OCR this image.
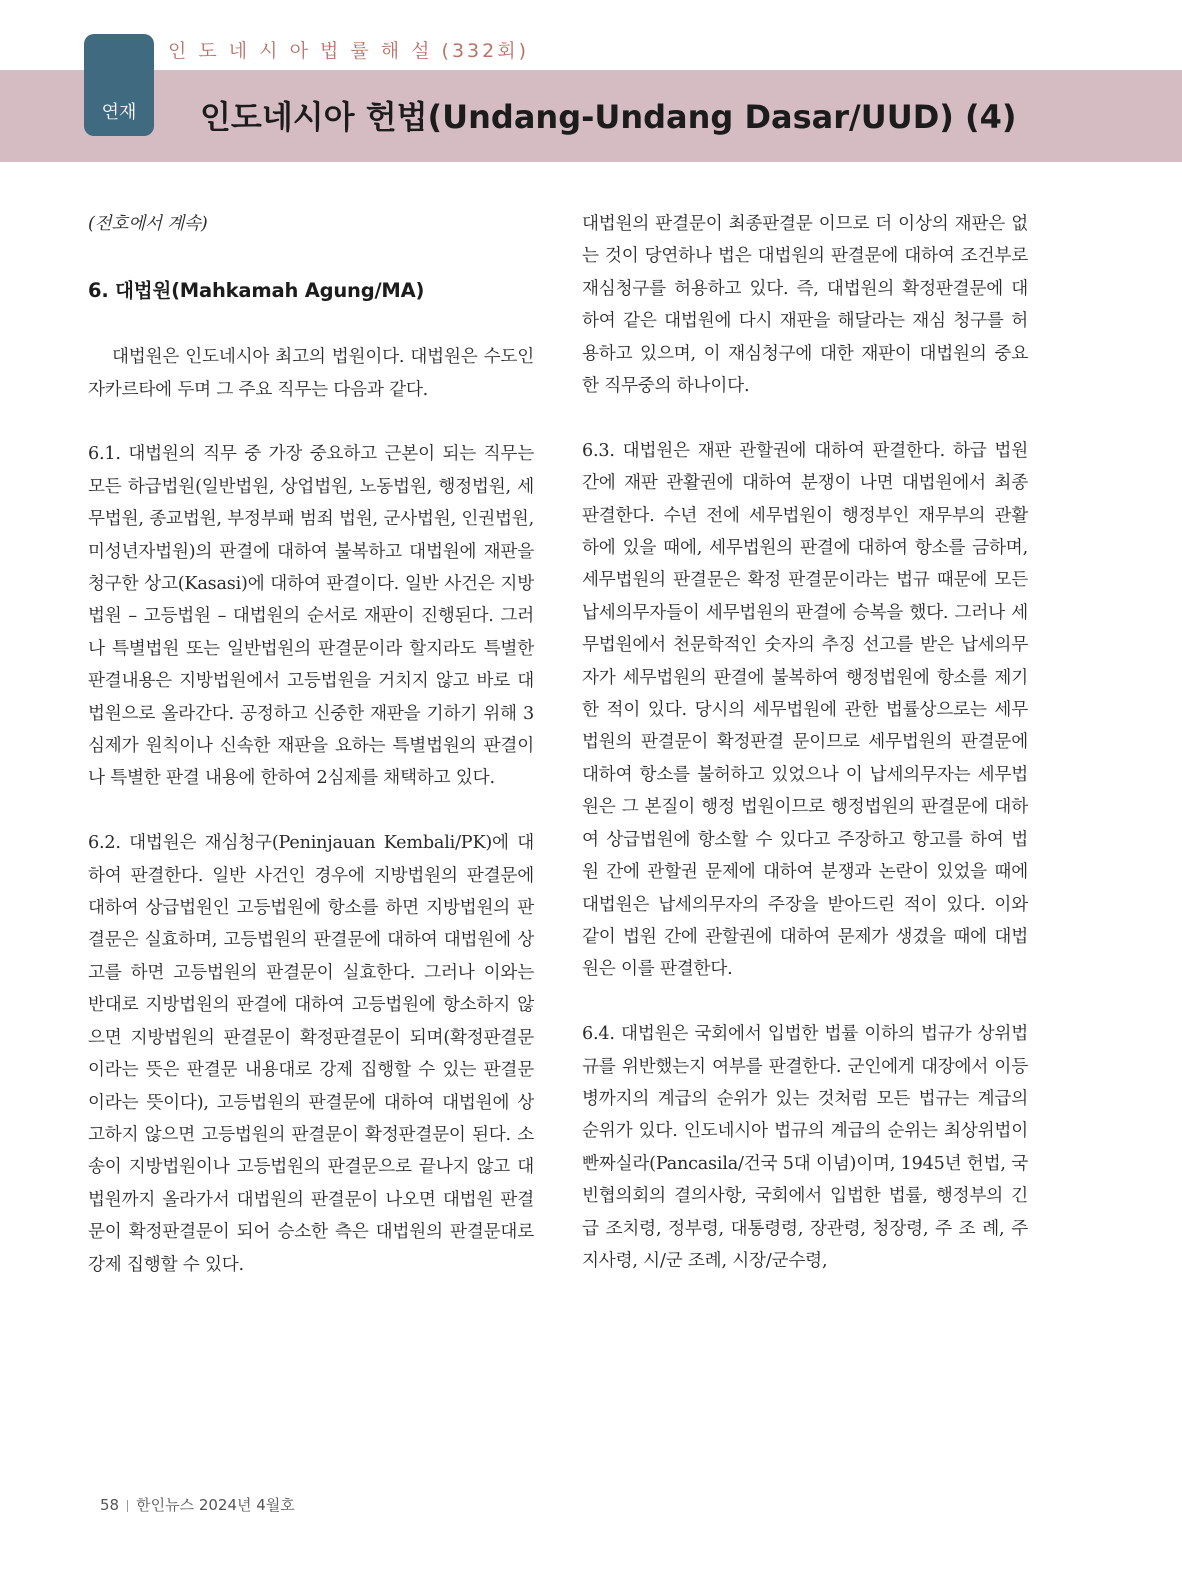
연재
인 도 네 시 아 법 률 해 설 (332회)
인도네시아 헌법(Undang-Undang Dasar/UUD) (4)

(전호에서 계속)

6. 대법원(Mahkamah Agung/MA)

대법원은 인도네시아 최고의 법원이다. 대법원은 수도인 자카르타에 두며 그 주요 직무는 다음과 같다.

6.1. 대법원의 직무 중 가장 중요하고 근본이 되는 직무는 모든 하급법원(일반법원, 상업법원, 노동법원, 행정법원, 세무법원, 종교법원, 부정부패 범죄 법원, 군사법원, 인권법원, 미성년자법원)의 판결에 대하여 불복하고 대법원에 재판을 청구한 상고(Kasasi)에 대하여 판결이다. 일반 사건은 지방법원 – 고등법원 – 대법원의 순서로 재판이 진행된다. 그러나 특별법원 또는 일반법원의 판결문이라 할지라도 특별한 판결내용은 지방법원에서 고등법원을 거치지 않고 바로 대법원으로 올라간다. 공정하고 신중한 재판을 기하기 위해 3심제가 원칙이나 신속한 재판을 요하는 특별법원의 판결이나 특별한 판결 내용에 한하여 2심제를 채택하고 있다.

6.2. 대법원은 재심청구(Peninjauan Kembali/PK)에 대하여 판결한다. 일반 사건인 경우에 지방법원의 판결문에 대하여 상급법원인 고등법원에 항소를 하면 지방법원의 판결문은 실효하며, 고등법원의 판결문에 대하여 대법원에 상고를 하면 고등법원의 판결문이 실효한다. 그러나 이와는 반대로 지방법원의 판결에 대하여 고등법원에 항소하지 않으면 지방법원의 판결문이 확정판결문이 되며(확정판결문이라는 뜻은 판결문 내용대로 강제 집행할 수 있는 판결문이라는 뜻이다), 고등법원의 판결문에 대하여 대법원에 상고하지 않으면 고등법원의 판결문이 확정판결문이 된다. 소송이 지방법원이나 고등법원의 판결문으로 끝나지 않고 대법원까지 올라가서 대법원의 판결문이 나오면 대법원 판결문이 확정판결문이 되어 승소한 측은 대법원의 판결문대로 강제 집행할 수 있다.

대법원의 판결문이 최종판결문 이므로 더 이상의 재판은 없는 것이 당연하나 법은 대법원의 판결문에 대하여 조건부로 재심청구를 허용하고 있다. 즉, 대법원의 확정판결문에 대하여 같은 대법원에 다시 재판을 해달라는 재심 청구를 허용하고 있으며, 이 재심청구에 대한 재판이 대법원의 중요한 직무중의 하나이다.

6.3. 대법원은 재판 관할권에 대하여 판결한다. 하급 법원 간에 재판 관활권에 대하여 분쟁이 나면 대법원에서 최종 판결한다. 수년 전에 세무법원이 행정부인 재무부의 관활 하에 있을 때에, 세무법원의 판결에 대하여 항소를 금하며, 세무법원의 판결문은 확정 판결문이라는 법규 때문에 모든 납세의무자들이 세무법원의 판결에 승복을 했다. 그러나 세무법원에서 천문학적인 숫자의 추징 선고를 받은 납세의무자가 세무법원의 판결에 불복하여 행정법원에 항소를 제기한 적이 있다. 당시의 세무법원에 관한 법률상으로는 세무법원의 판결문이 확정판결 문이므로 세무법원의 판결문에 대하여 항소를 불허하고 있었으나 이 납세의무자는 세무법원은 그 본질이 행정 법원이므로 행정법원의 판결문에 대하여 상급법원에 항소할 수 있다고 주장하고 항고를 하여 법원 간에 관할권 문제에 대하여 분쟁과 논란이 있었을 때에 대법원은 납세의무자의 주장을 받아드린 적이 있다. 이와 같이 법원 간에 관할권에 대하여 문제가 생겼을 때에 대법원은 이를 판결한다.

6.4. 대법원은 국회에서 입법한 법률 이하의 법규가 상위법규를 위반했는지 여부를 판결한다. 군인에게 대장에서 이등병까지의 계급의 순위가 있는 것처럼 모든 법규는 계급의 순위가 있다. 인도네시아 법규의 계급의 순위는 최상위법이 빤짜실라(Pancasila/건국 5대 이념)이며, 1945년 헌법, 국빈협의회의 결의사항, 국회에서 입법한 법률, 행정부의 긴급 조치령, 정부령, 대통령령, 장관령, 청장령, 주 조 례, 주지사령, 시/군 조례, 시장/군수령,

58 한인뉴스 2024년 4월호
